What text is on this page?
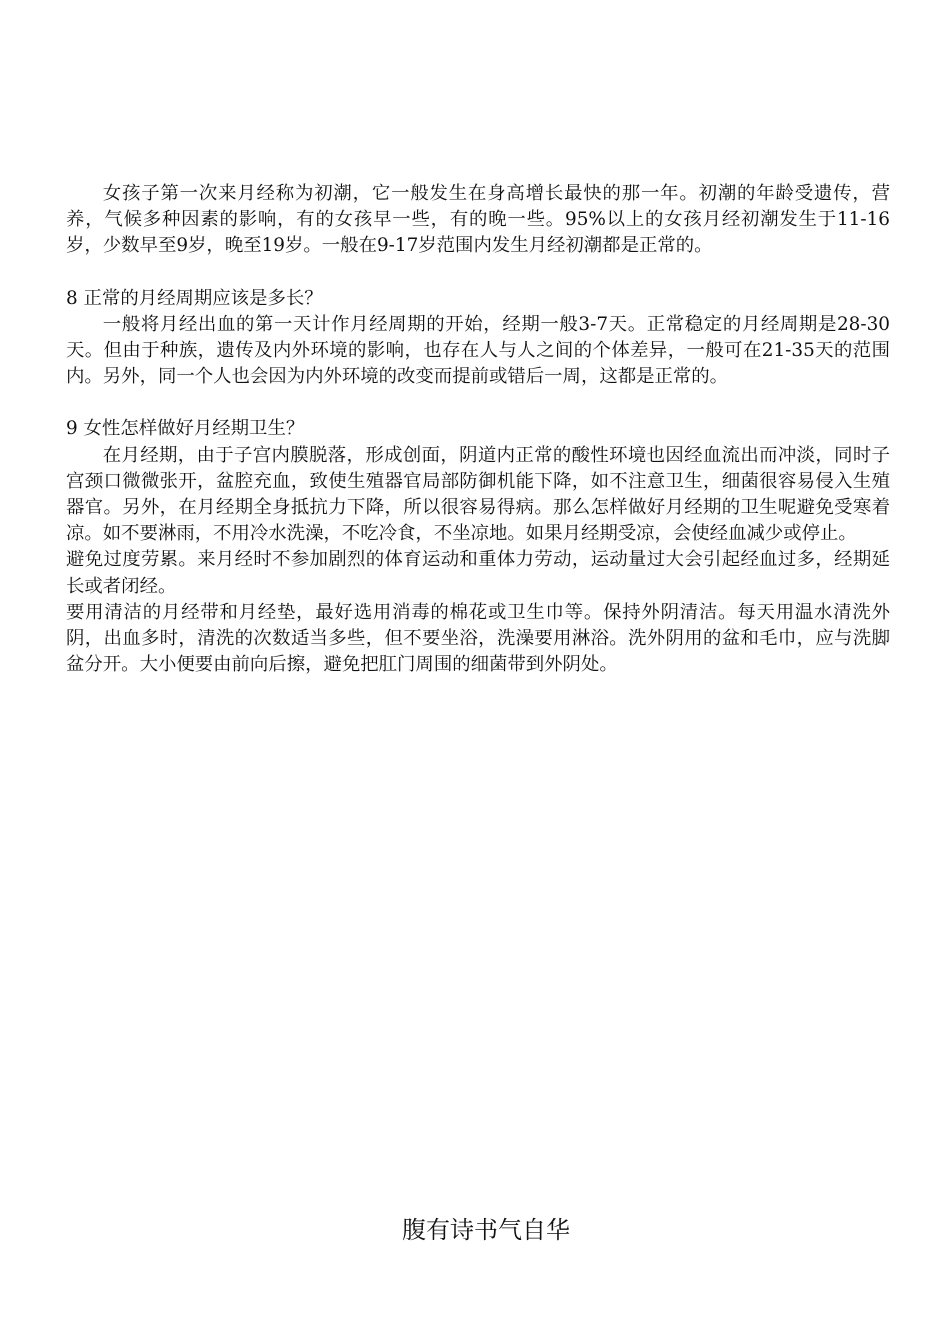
女孩子第一次来月经称为初潮，它一般发生在身高增长最快的那一年。初潮的年龄受遗传，营养，气候多种因素的影响，有的女孩早一些，有的晚一些。95%以上的女孩月经初潮发生于11-16岁，少数早至9岁，晚至19岁。一般在9-17岁范围内发生月经初潮都是正常的。

8 正常的月经周期应该是多长？

一般将月经出血的第一天计作月经周期的开始，经期一般3-7天。正常稳定的月经周期是28-30天。但由于种族，遗传及内外环境的影响，也存在人与人之间的个体差异，一般可在21-35天的范围内。另外，同一个人也会因为内外环境的改变而提前或错后一周，这都是正常的。

9 女性怎样做好月经期卫生？

在月经期，由于子宫内膜脱落，形成创面，阴道内正常的酸性环境也因经血流出而冲淡，同时子宫颈口微微张开，盆腔充血，致使生殖器官局部防御机能下降，如不注意卫生，细菌很容易侵入生殖器官。另外，在月经期全身抵抗力下降，所以很容易得病。那么怎样做好月经期的卫生呢避免受寒着凉。如不要淋雨，不用冷水洗澡，不吃冷食，不坐凉地。如果月经期受凉，会使经血减少或停止。

避免过度劳累。来月经时不参加剧烈的体育运动和重体力劳动，运动量过大会引起经血过多，经期延长或者闭经。

要用清洁的月经带和月经垫，最好选用消毒的棉花或卫生巾等。保持外阴清洁。每天用温水清洗外阴，出血多时，清洗的次数适当多些，但不要坐浴，洗澡要用淋浴。洗外阴用的盆和毛巾，应与洗脚盆分开。大小便要由前向后擦，避免把肛门周围的细菌带到外阴处。

腹有诗书气自华
